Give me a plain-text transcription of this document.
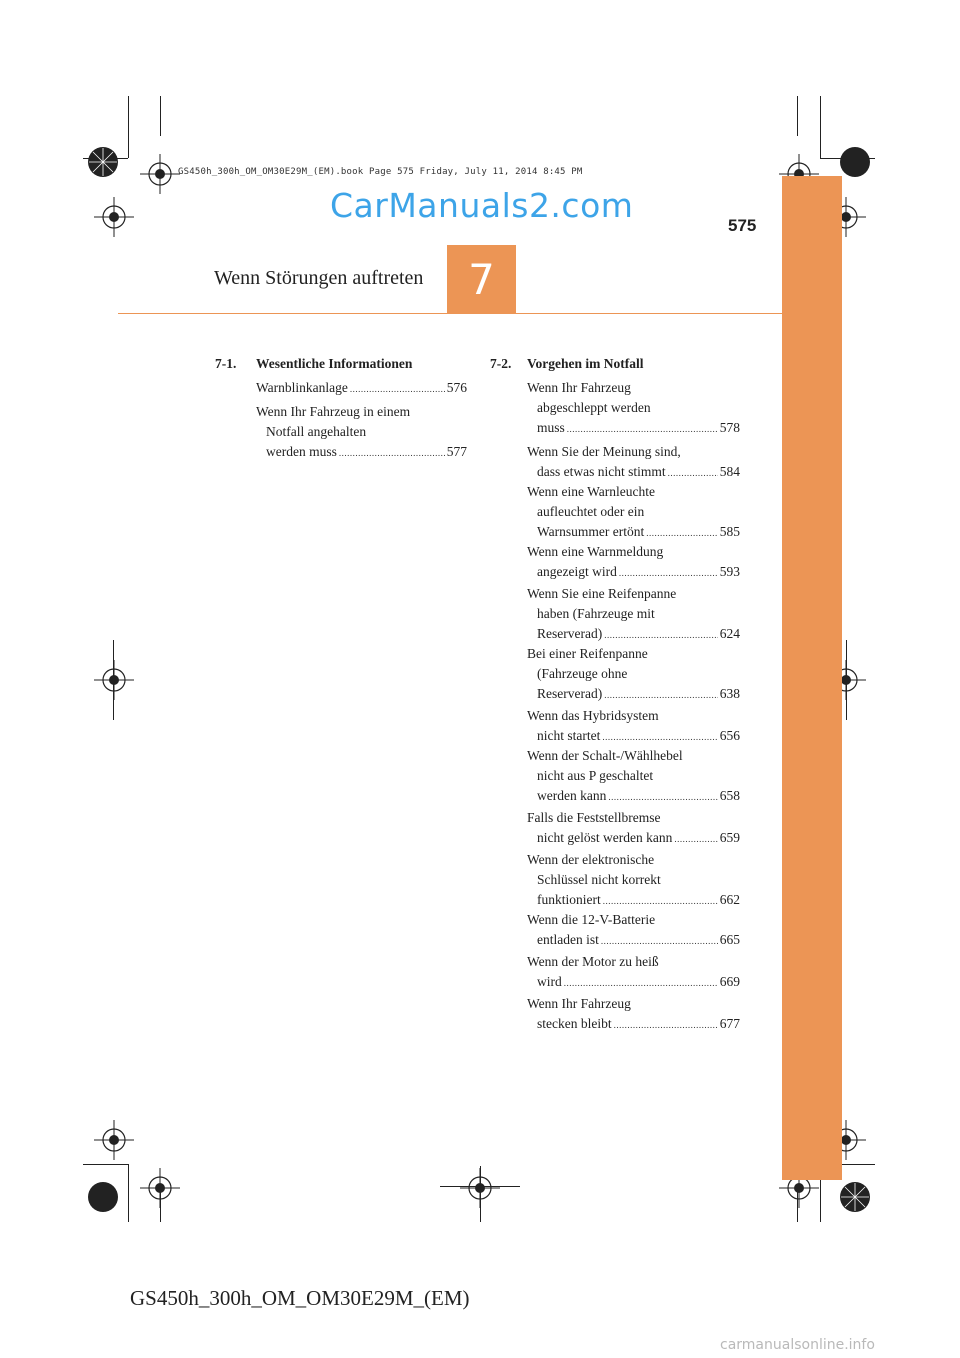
GS450h_300h_OM_OM30E29M_(EM).book Page 575 Friday, July 11, 2014 8:45 PM
CarManuals2.com
575
Wenn Störungen auftreten 7
7-1. Wesentliche Informationen
Warnblinkanlage .....	576
Wenn Ihr Fahrzeug in einem
Notfall angehalten
werden muss .....	577
7-2. Vorgehen im Notfall
Wenn Ihr Fahrzeug
abgeschleppt werden
muss .....	578
Wenn Sie der Meinung sind,
dass etwas nicht stimmt .....	584
Wenn eine Warnleuchte
aufleuchtet oder ein
Warnsummer ertönt .....	585
Wenn eine Warnmeldung
angezeigt wird .....	593
Wenn Sie eine Reifenpanne
haben (Fahrzeuge mit
Reserverad) .....	624
Bei einer Reifenpanne
(Fahrzeuge ohne
Reserverad) .....	638
Wenn das Hybridsystem
nicht startet .....	656
Wenn der Schalt-/Wählhebel
nicht aus P geschaltet
werden kann .....	658
Falls die Feststellbremse
nicht gelöst werden kann .....	659
Wenn der elektronische
Schlüssel nicht korrekt
funktioniert .....	662
Wenn die 12-V-Batterie
entladen ist .....	665
Wenn der Motor zu heiß
wird .....	669
Wenn Ihr Fahrzeug
stecken bleibt .....	677
GS450h_300h_OM_OM30E29M_(EM)
carmanualsonline.info
